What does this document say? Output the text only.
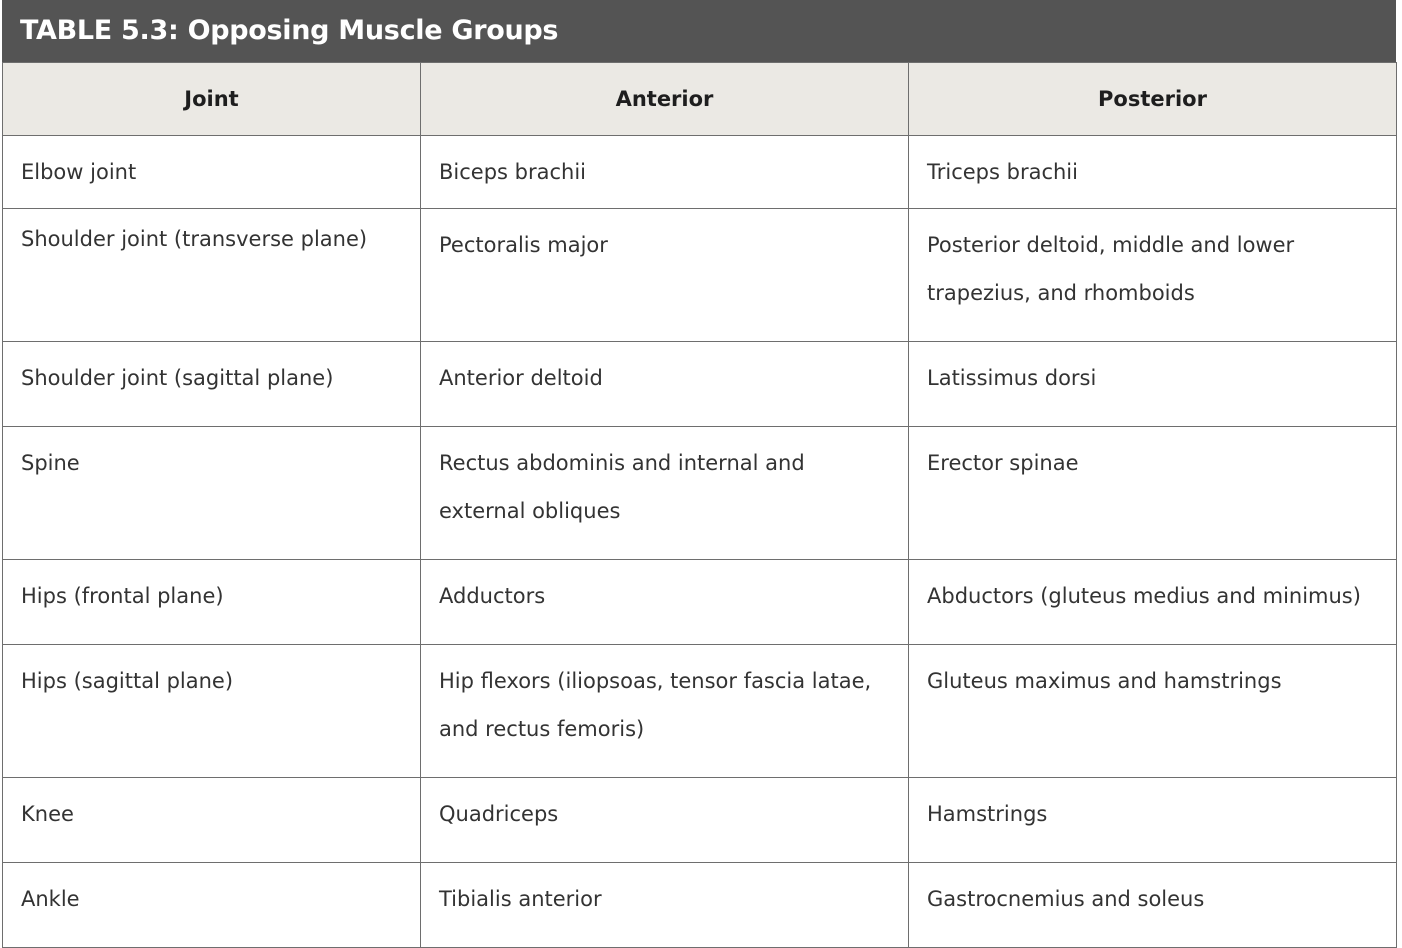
TABLE 5.3: Opposing Muscle Groups
Joint	Anterior	Posterior

Elbow joint	Biceps brachii	Triceps brachii

Shoulder joint (transverse plane)	Pectoralis major	Posterior deltoid, middle and lower trapezius, and rhomboids

Shoulder joint (sagittal plane)	Anterior deltoid	Latissimus dorsi

Spine	Rectus abdominis and internal and external obliques	Erector spinae

Hips (frontal plane)	Adductors	Abductors (gluteus medius and minimus)

Hips (sagittal plane)	Hip flexors (iliopsoas, tensor fascia latae, and rectus femoris)	Gluteus maximus and hamstrings

Knee	Quadriceps	Hamstrings

Ankle	Tibialis anterior	Gastrocnemius and soleus
